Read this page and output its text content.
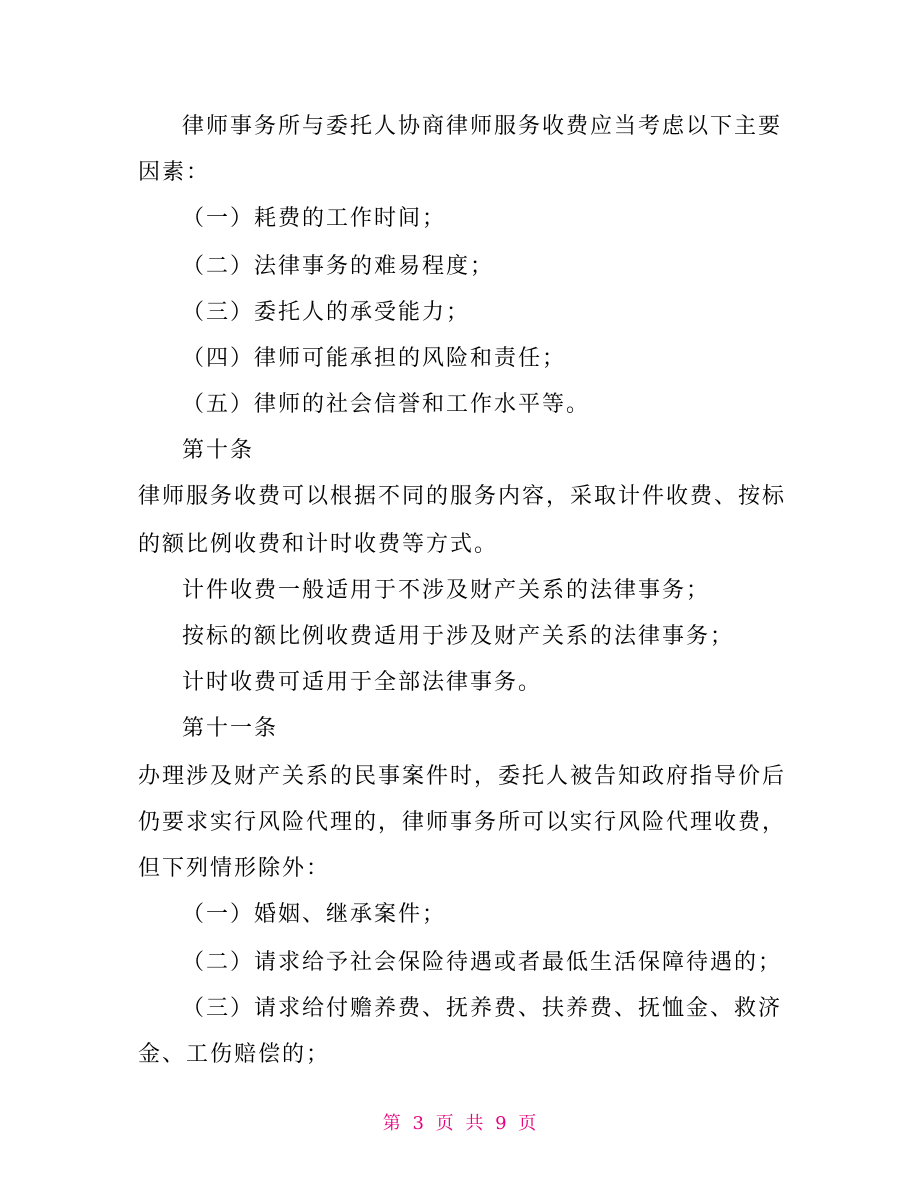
律师事务所与委托人协商律师服务收费应当考虑以下主要
因素：
（一）耗费的工作时间；
（二）法律事务的难易程度；
（三）委托人的承受能力；
（四）律师可能承担的风险和责任；
（五）律师的社会信誉和工作水平等。
第十条
律师服务收费可以根据不同的服务内容，采取计件收费、按标
的额比例收费和计时收费等方式。
计件收费一般适用于不涉及财产关系的法律事务；
按标的额比例收费适用于涉及财产关系的法律事务；
计时收费可适用于全部法律事务。
第十一条
办理涉及财产关系的民事案件时，委托人被告知政府指导价后
仍要求实行风险代理的，律师事务所可以实行风险代理收费，
但下列情形除外：
（一）婚姻、继承案件；
（二）请求给予社会保险待遇或者最低生活保障待遇的；
（三）请求给付赡养费、抚养费、扶养费、抚恤金、救济
金、工伤赔偿的；
第 3 页 共 9 页
